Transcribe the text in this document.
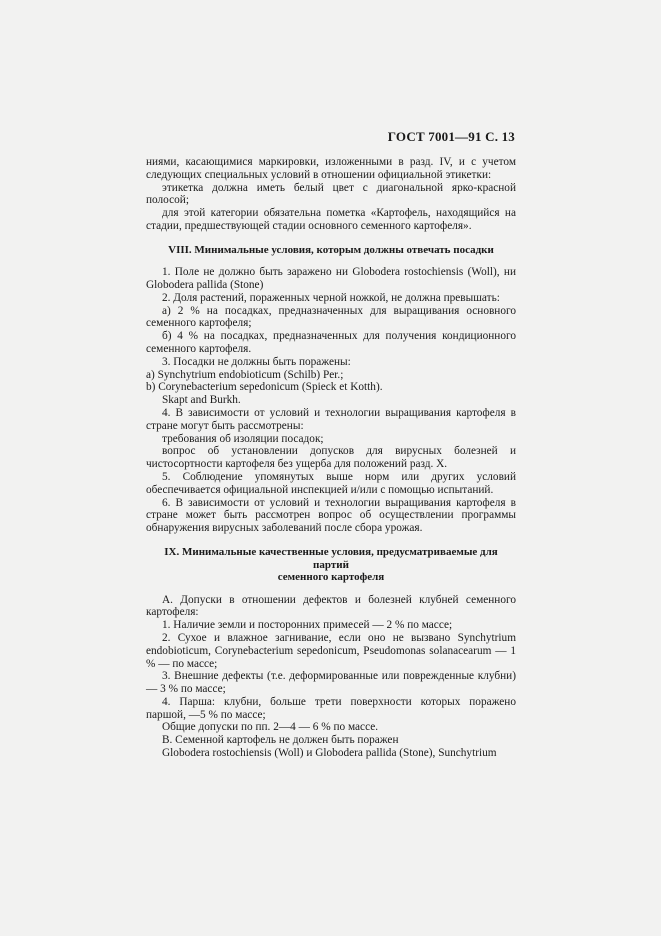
ГОСТ 7001—91 С. 13

ниями, касающимися маркировки, изложенными в разд. IV, и с учетом следующих специальных условий в отношении официальной этикетки:

этикетка должна иметь белый цвет с диагональной ярко-красной полосой;

для этой категории обязательна пометка «Картофель, находящийся на стадии, предшествующей стадии основного семенного картофеля».

VIII. Минимальные условия, которым должны отвечать посадки

1. Поле не должно быть заражено ни Globodera rostochiensis (Woll), ни Globodera pallida (Stone)

2. Доля растений, пораженных черной ножкой, не должна превышать:

а) 2 % на посадках, предназначенных для выращивания основного семенного картофеля;

б) 4 % на посадках, предназначенных для получения кондиционного семенного картофеля.

3. Посадки не должны быть поражены:

a) Synchytrium endobioticum (Schilb) Per.;

b) Corynebacterium sepedonicum (Spieck et Kotth).

Skapt and Burkh.

4. В зависимости от условий и технологии выращивания картофеля в стране могут быть рассмотрены:

требования об изоляции посадок;

вопрос об установлении допусков для вирусных болезней и чистосортности картофеля без ущерба для положений разд. X.

5. Соблюдение упомянутых выше норм или других условий обеспечивается официальной инспекцией и/или с помощью испытаний.

6. В зависимости от условий и технологии выращивания картофеля в стране может быть рассмотрен вопрос об осуществлении программы обнаружения вирусных заболеваний после сбора урожая.

IX. Минимальные качественные условия, предусматриваемые для партий
семенного картофеля

А. Допуски в отношении дефектов и болезней клубней семенного картофеля:

1. Наличие земли и посторонних примесей — 2 % по массе;

2. Сухое и влажное загнивание, если оно не вызвано Synchytrium endobioticum, Corynebacterium sepedonicum, Pseudomonas solanacearum — 1 % — по массе;

3. Внешние дефекты (т.е. деформированные или поврежденные клубни) — 3 % по массе;

4. Парша: клубни, больше трети поверхности которых поражено паршой, —5 % по массе;

Общие допуски по пп. 2—4 — 6 % по массе.

В. Семенной картофель не должен быть поражен

Globodera rostochiensis (Woll) и Globodera pallida (Stone), Sunchytrium
